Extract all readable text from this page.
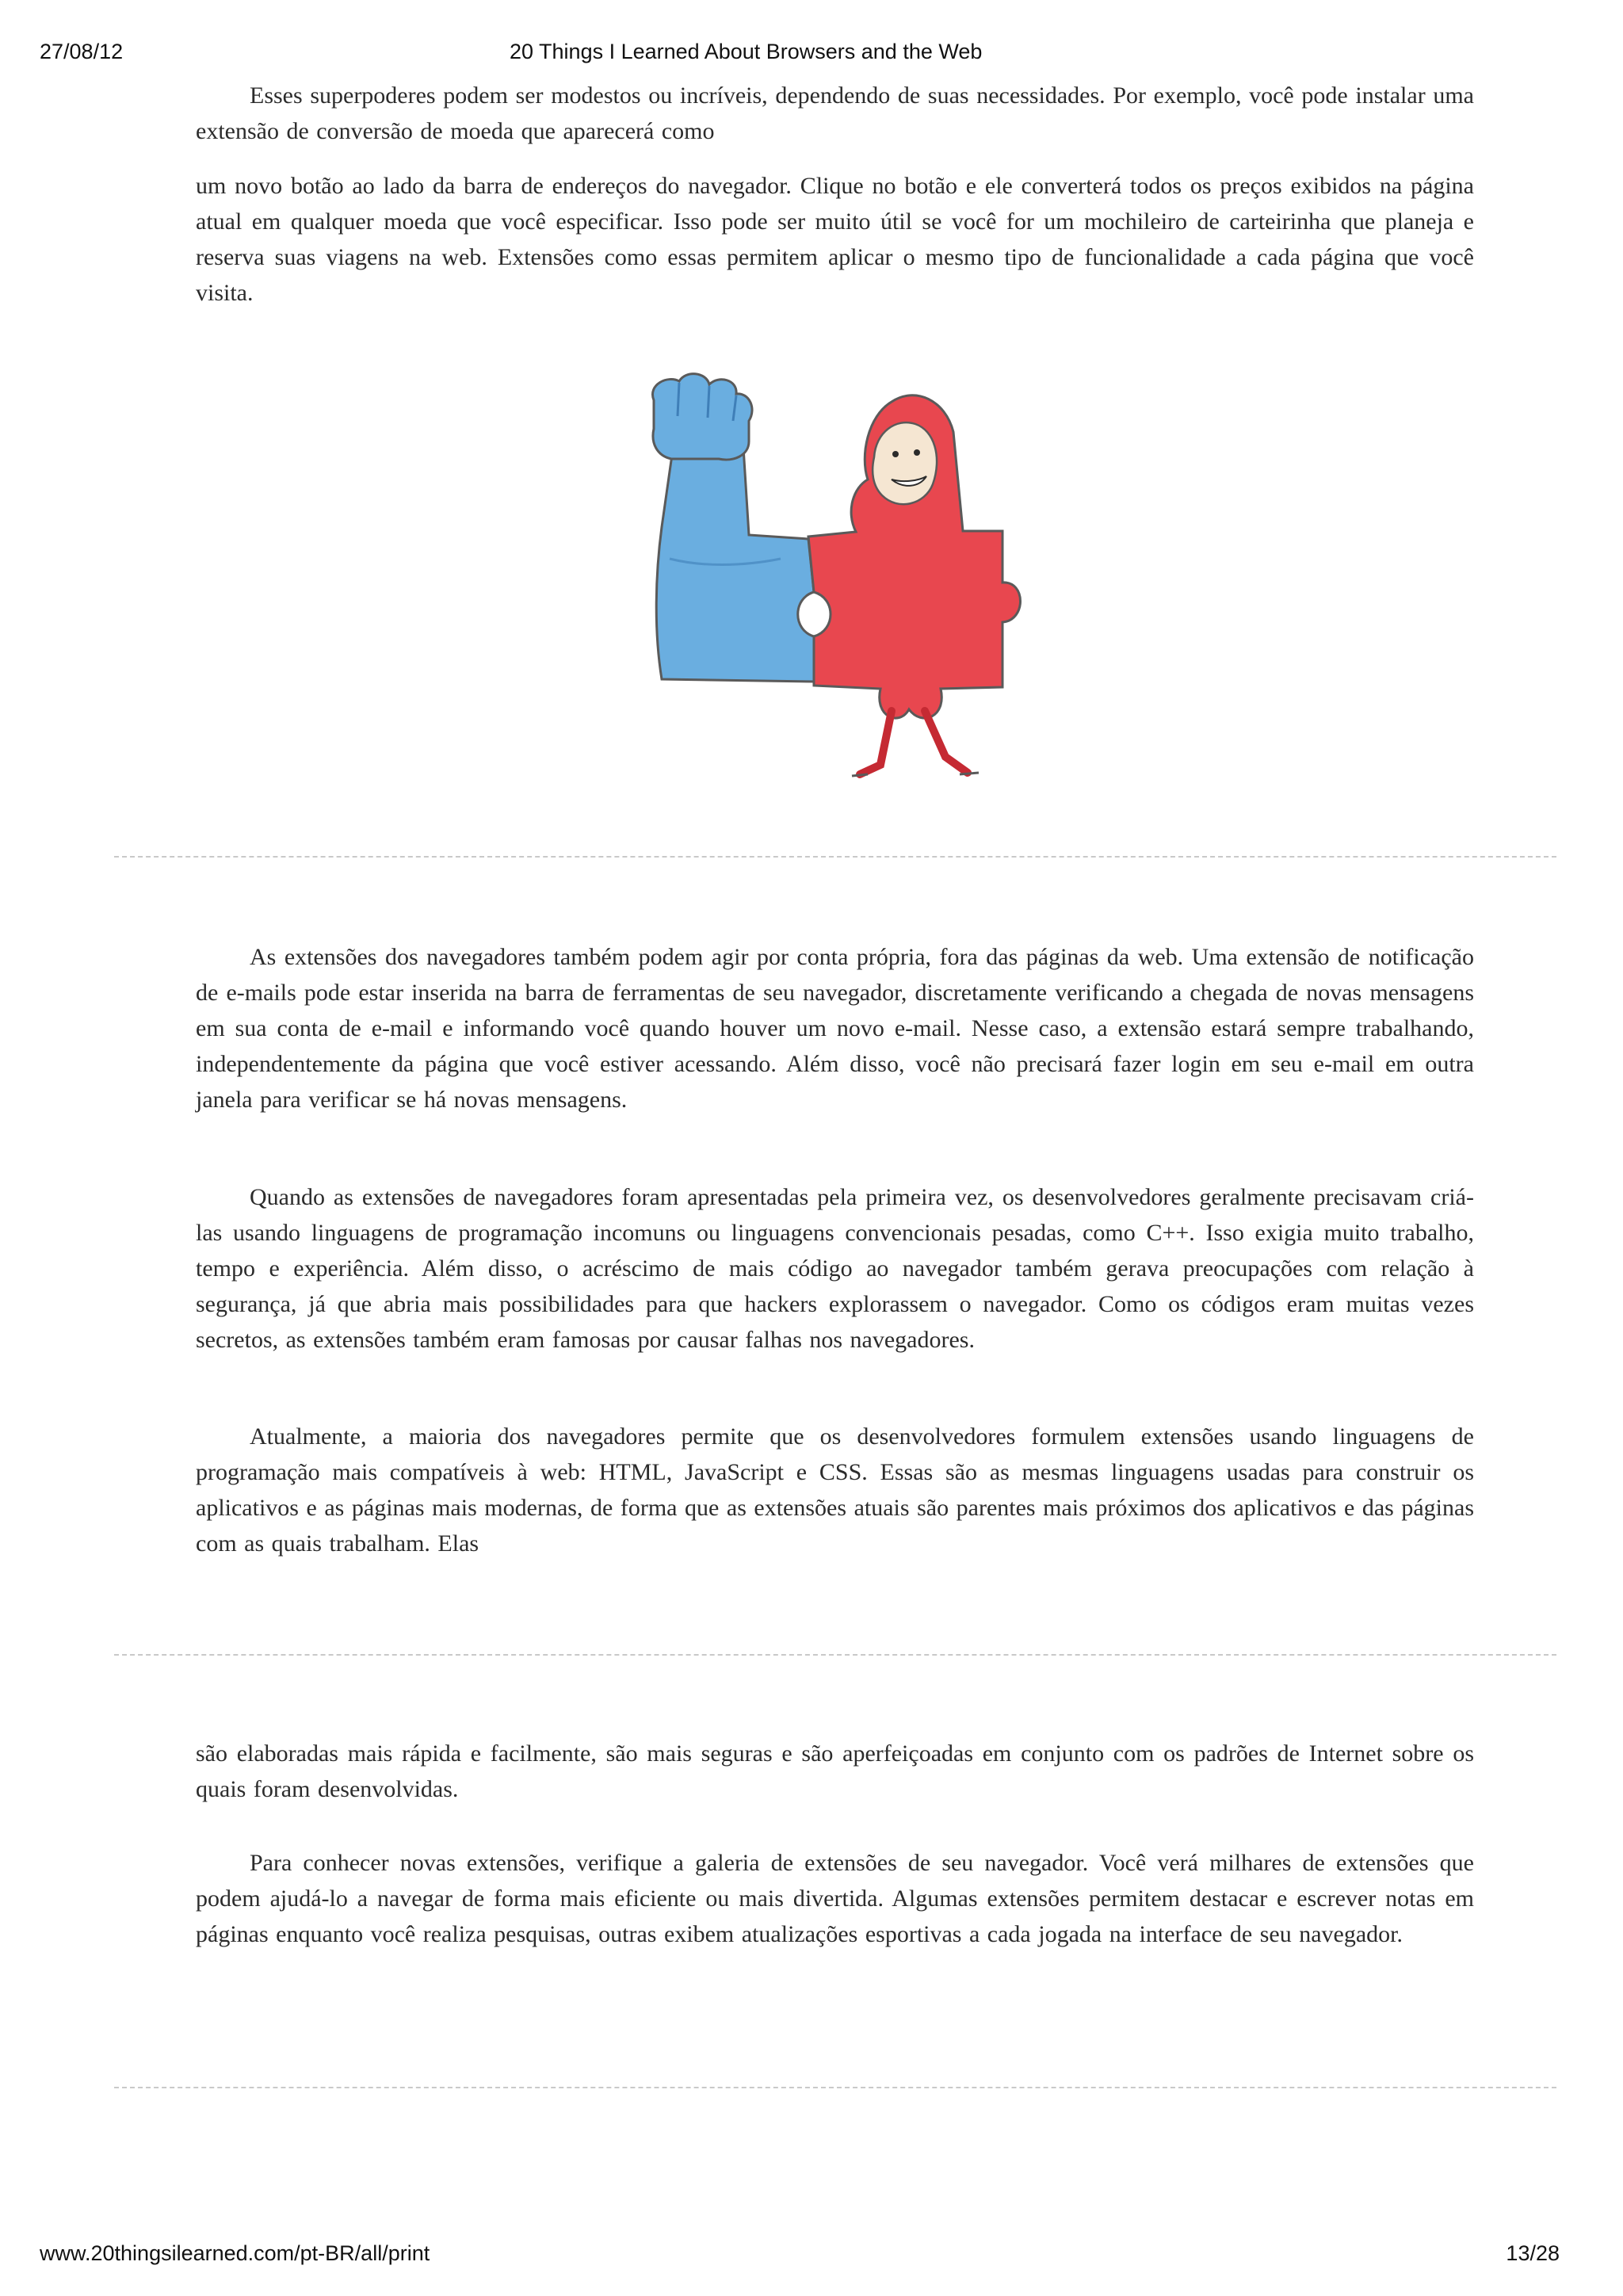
27/08/12	20 Things I Learned About Browsers and the Web

Esses superpoderes podem ser modestos ou incríveis, dependendo de suas necessidades. Por exemplo, você pode instalar uma extensão de conversão de moeda que aparecerá como

um novo botão ao lado da barra de endereços do navegador. Clique no botão e ele converterá todos os preços exibidos na página atual em qualquer moeda que você especificar. Isso pode ser muito útil se você for um mochileiro de carteirinha que planeja e reserva suas viagens na web. Extensões como essas permitem aplicar o mesmo tipo de funcionalidade a cada página que você visita.

As extensões dos navegadores também podem agir por conta própria, fora das páginas da web. Uma extensão de notificação de e-mails pode estar inserida na barra de ferramentas de seu navegador, discretamente verificando a chegada de novas mensagens em sua conta de e-mail e informando você quando houver um novo e-mail. Nesse caso, a extensão estará sempre trabalhando, independentemente da página que você estiver acessando. Além disso, você não precisará fazer login em seu e-mail em outra janela para verificar se há novas mensagens.

Quando as extensões de navegadores foram apresentadas pela primeira vez, os desenvolvedores geralmente precisavam criá-las usando linguagens de programação incomuns ou linguagens convencionais pesadas, como C++. Isso exigia muito trabalho, tempo e experiência. Além disso, o acréscimo de mais código ao navegador também gerava preocupações com relação à segurança, já que abria mais possibilidades para que hackers explorassem o navegador. Como os códigos eram muitas vezes secretos, as extensões também eram famosas por causar falhas nos navegadores.

Atualmente, a maioria dos navegadores permite que os desenvolvedores formulem extensões usando linguagens de programação mais compatíveis à web: HTML, JavaScript e CSS. Essas são as mesmas linguagens usadas para construir os aplicativos e as páginas mais modernas, de forma que as extensões atuais são parentes mais próximos dos aplicativos e das páginas com as quais trabalham. Elas

são elaboradas mais rápida e facilmente, são mais seguras e são aperfeiçoadas em conjunto com os padrões de Internet sobre os quais foram desenvolvidas.

Para conhecer novas extensões, verifique a galeria de extensões de seu navegador. Você verá milhares de extensões que podem ajudá-lo a navegar de forma mais eficiente ou mais divertida. Algumas extensões permitem destacar e escrever notas em páginas enquanto você realiza pesquisas, outras exibem atualizações esportivas a cada jogada na interface de seu navegador.

www.20thingsilearned.com/pt-BR/all/print	13/28
